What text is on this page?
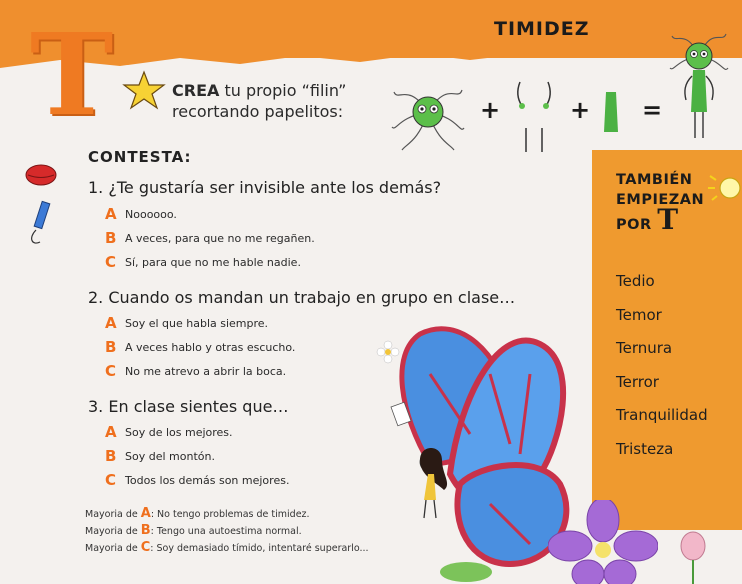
TIMIDEZ
T	CREA tu propio “filin”
recortando papelitos:	+	+ =
CONTESTA:
1. ¿Te gustaría ser invisible ante los demás?
A Noooooo.
B A veces, para que no me regañen.
C Sí, para que no me hable nadie.
2. Cuando os mandan un trabajo en grupo en clase…
A Soy el que habla siempre.
B A veces hablo y otras escucho.
C No me atrevo a abrir la boca.
3. En clase sientes que…
A Soy de los mejores.
B Soy del montón.
C Todos los demás son mejores.
Mayoria de A: No tengo problemas de timidez.
Mayoria de B: Tengo una autoestima normal.
Mayoria de C: Soy demasiado tímido, intentaré superarlo...
TAMBIÉN
EMPIEZAN
POR T
Tedio
Temor
Ternura
Terror
Tranquilidad
Tristeza
